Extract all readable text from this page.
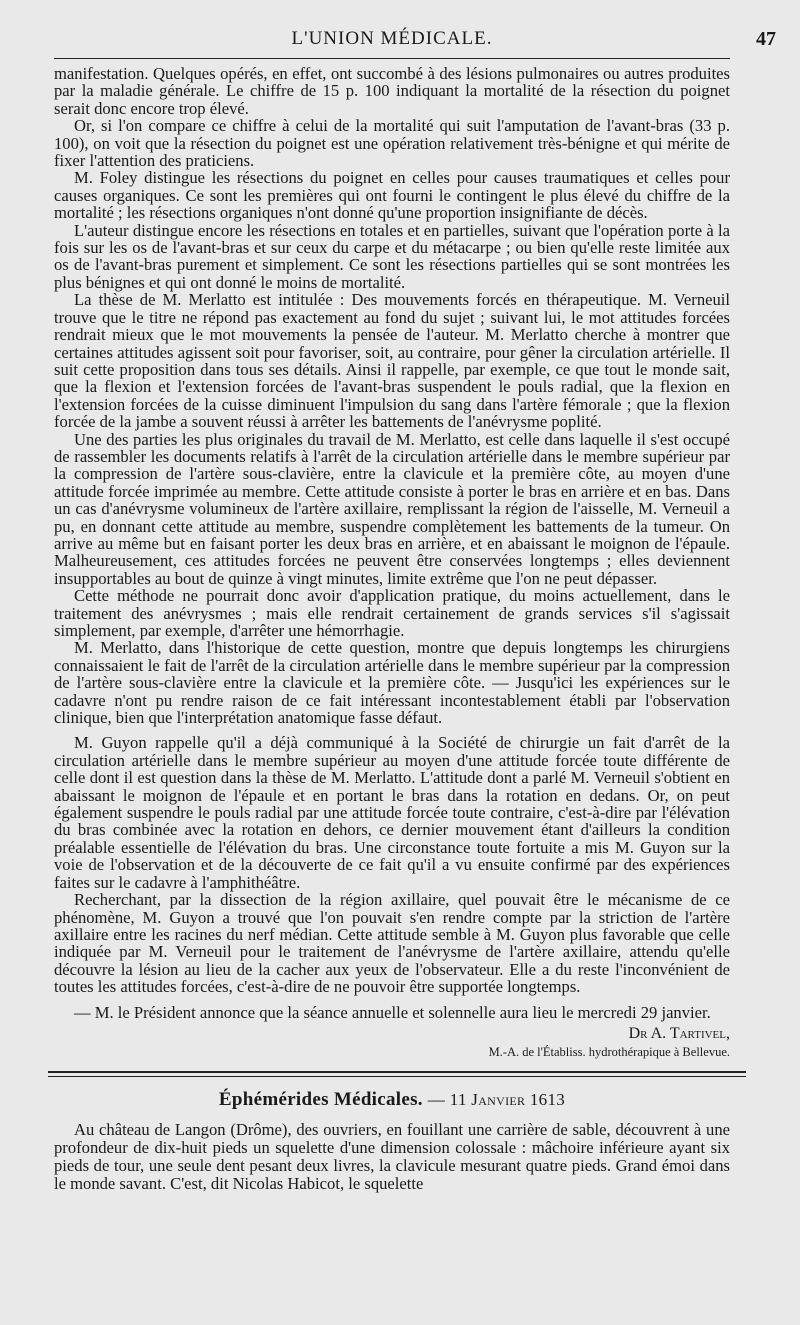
L'UNION MÉDICALE.	47

manifestation. Quelques opérés, en effet, ont succombé à des lésions pulmonaires ou autres produites par la maladie générale. Le chiffre de 15 p. 100 indiquant la mortalité de la résection du poignet serait donc encore trop élevé.

Or, si l'on compare ce chiffre à celui de la mortalité qui suit l'amputation de l'avant-bras (33 p. 100), on voit que la résection du poignet est une opération relativement très-bénigne et qui mérite de fixer l'attention des praticiens.

M. Foley distingue les résections du poignet en celles pour causes traumatiques et celles pour causes organiques. Ce sont les premières qui ont fourni le contingent le plus élevé du chiffre de la mortalité ; les résections organiques n'ont donné qu'une proportion insignifiante de décès.

L'auteur distingue encore les résections en totales et en partielles, suivant que l'opération porte à la fois sur les os de l'avant-bras et sur ceux du carpe et du métacarpe ; ou bien qu'elle reste limitée aux os de l'avant-bras purement et simplement. Ce sont les résections partielles qui se sont montrées les plus bénignes et qui ont donné le moins de mortalité.

La thèse de M. Merlatto est intitulée : Des mouvements forcés en thérapeutique. M. Verneuil trouve que le titre ne répond pas exactement au fond du sujet ; suivant lui, le mot attitudes forcées rendrait mieux que le mot mouvements la pensée de l'auteur. M. Merlatto cherche à montrer que certaines attitudes agissent soit pour favoriser, soit, au contraire, pour gêner la circulation artérielle. Il suit cette proposition dans tous ses détails. Ainsi il rappelle, par exemple, ce que tout le monde sait, que la flexion et l'extension forcées de l'avant-bras suspendent le pouls radial, que la flexion en l'extension forcées de la cuisse diminuent l'impulsion du sang dans l'artère fémorale ; que la flexion forcée de la jambe a souvent réussi à arrêter les battements de l'anévrysme poplité.

Une des parties les plus originales du travail de M. Merlatto, est celle dans laquelle il s'est occupé de rassembler les documents relatifs à l'arrêt de la circulation artérielle dans le membre supérieur par la compression de l'artère sous-clavière, entre la clavicule et la première côte, au moyen d'une attitude forcée imprimée au membre. Cette attitude consiste à porter le bras en arrière et en bas. Dans un cas d'anévrysme volumineux de l'artère axillaire, remplissant la région de l'aisselle, M. Verneuil a pu, en donnant cette attitude au membre, suspendre complètement les battements de la tumeur. On arrive au même but en faisant porter les deux bras en arrière, et en abaissant le moignon de l'épaule. Malheureusement, ces attitudes forcées ne peuvent être conservées longtemps ; elles deviennent insupportables au bout de quinze à vingt minutes, limite extrême que l'on ne peut dépasser.

Cette méthode ne pourrait donc avoir d'application pratique, du moins actuellement, dans le traitement des anévrysmes ; mais elle rendrait certainement de grands services s'il s'agissait simplement, par exemple, d'arrêter une hémorrhagie.

M. Merlatto, dans l'historique de cette question, montre que depuis longtemps les chirurgiens connaissaient le fait de l'arrêt de la circulation artérielle dans le membre supérieur par la compression de l'artère sous-clavière entre la clavicule et la première côte. — Jusqu'ici les expériences sur le cadavre n'ont pu rendre raison de ce fait intéressant incontestablement établi par l'observation clinique, bien que l'interprétation anatomique fasse défaut.

M. Guyon rappelle qu'il a déjà communiqué à la Société de chirurgie un fait d'arrêt de la circulation artérielle dans le membre supérieur au moyen d'une attitude forcée toute différente de celle dont il est question dans la thèse de M. Merlatto. L'attitude dont a parlé M. Verneuil s'obtient en abaissant le moignon de l'épaule et en portant le bras dans la rotation en dedans. Or, on peut également suspendre le pouls radial par une attitude forcée toute contraire, c'est-à-dire par l'élévation du bras combinée avec la rotation en dehors, ce dernier mouvement étant d'ailleurs la condition préalable essentielle de l'élévation du bras. Une circonstance toute fortuite a mis M. Guyon sur la voie de l'observation et de la découverte de ce fait qu'il a vu ensuite confirmé par des expériences faites sur le cadavre à l'amphithéâtre.

Recherchant, par la dissection de la région axillaire, quel pouvait être le mécanisme de ce phénomène, M. Guyon a trouvé que l'on pouvait s'en rendre compte par la striction de l'artère axillaire entre les racines du nerf médian. Cette attitude semble à M. Guyon plus favorable que celle indiquée par M. Verneuil pour le traitement de l'anévrysme de l'artère axillaire, attendu qu'elle découvre la lésion au lieu de la cacher aux yeux de l'observateur. Elle a du reste l'inconvénient de toutes les attitudes forcées, c'est-à-dire de ne pouvoir être supportée longtemps.

— M. le Président annonce que la séance annuelle et solennelle aura lieu le mercredi 29 janvier.

Dr A. Tartivel,
M.-A. de l'Établiss. hydrothérapique à Bellevue.
Éphémérides Médicales. — 11 Janvier 1613

Au château de Langon (Drôme), des ouvriers, en fouillant une carrière de sable, découvrent à une profondeur de dix-huit pieds un squelette d'une dimension colossale : mâchoire inférieure ayant six pieds de tour, une seule dent pesant deux livres, la clavicule mesurant quatre pieds. Grand émoi dans le monde savant. C'est, dit Nicolas Habicot, le squelette
